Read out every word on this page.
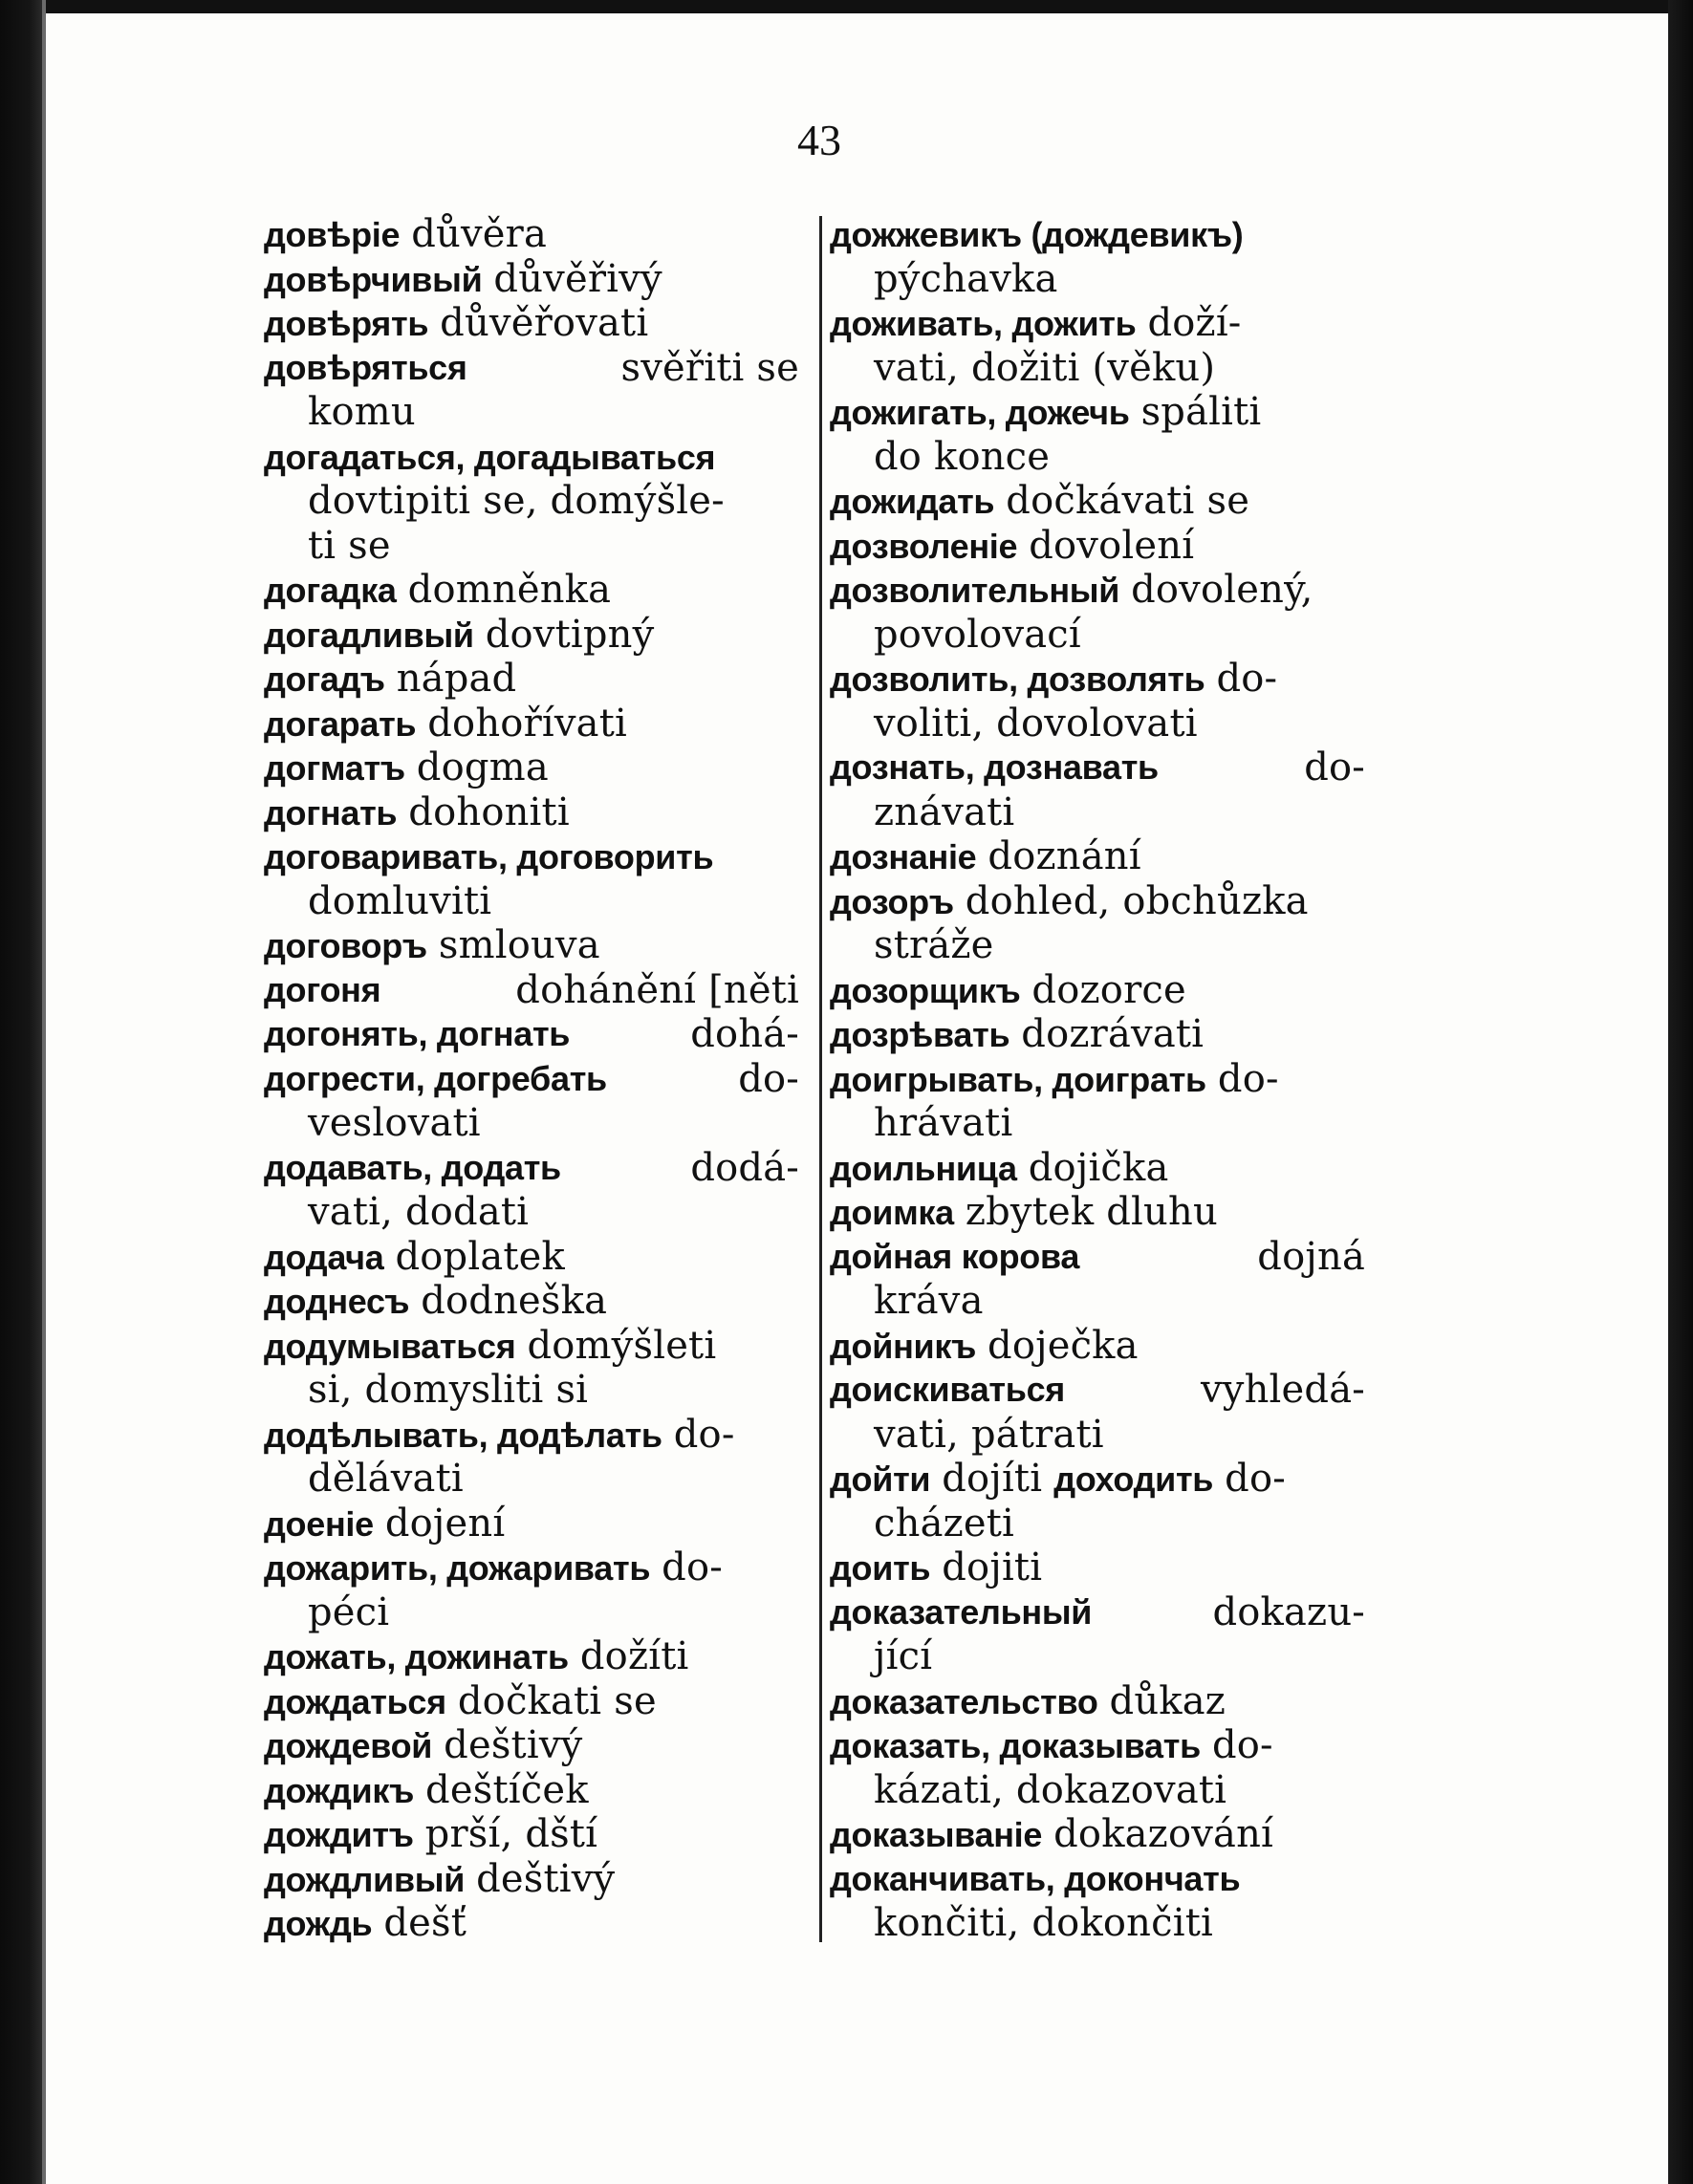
43
довѣріе důvěra
довѣрчивый důvěřivý
довѣрять důvěřovati
довѣряться	svěřiti se
komu
догадаться, догадываться
dovtipiti se, domýšle-
ti se
догадка domněnka
догадливый dovtipný
догадъ nápad
догарать dohořívati
догматъ dogma
догнать dohoniti
договаривать, договорить
domluviti
договоръ smlouva
догоня	dohánění [něti
догонять, догнать	dohá-
догрести, догребать	do-
veslovati
додавать, додать	dodá-
vati, dodati
додача doplatek
доднесъ dodneška
додумываться domýšleti
si, domysliti si
додѣлывать, додѣлать do-
dělávati
доеніе dojení
дожарить, дожаривать do-
péci
дожать, дожинать dožíti
дождаться dočkati se
дождевой deštivý
дождикъ deštíček
дождитъ prší, dští
дождливый deštivý
дождь dešť
дожжевикъ (дождевикъ)
pýchavka
доживать, дожить doží-
vati, dožiti (věku)
дожигать, дожечь spáliti
do konce
дожидать dočkávati se
дозволеніе dovolení
дозволительный dovolený,
povolovací
дозволить, дозволять do-
voliti, dovolovati
дознать, дознавать	do-
znávati
дознаніе doznání
дозоръ dohled, obchůzka
stráže
дозорщикъ dozorce
дозрѣвать dozrávati
доигрывать, доиграть do-
hrávati
доильница dojička
доимка zbytek dluhu
дойная корова	dojná
kráva
дойникъ doječka
доискиваться	vyhledá-
vati, pátrati
дойти dojíti доходить do-
cházeti
доить dojiti
доказательный	dokazu-
jící
доказательство důkaz
доказать, доказывать do-
kázati, dokazovati
доказываніе dokazování
доканчивать, докончать
končiti, dokončiti
